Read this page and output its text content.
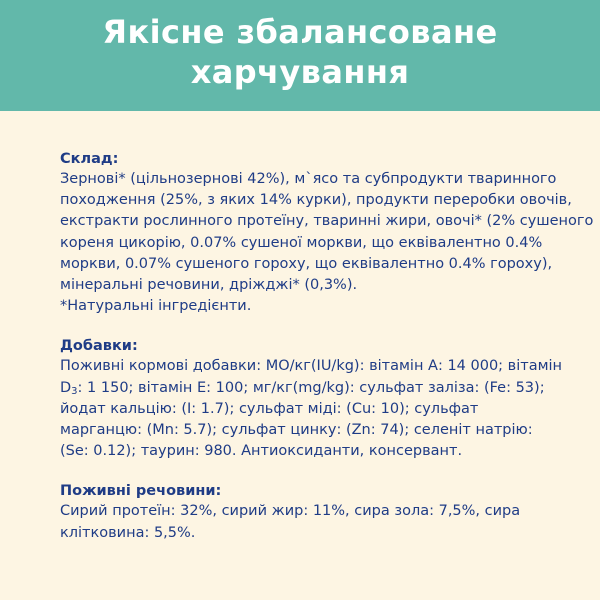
Якісне збалансоване
харчування
Склад:
Зернові* (цільнозернові 42%), м`ясо та субпродукти тваринного
походження (25%, з яких 14% курки), продукти переробки овочів,
екстракти рослинного протеїну, тваринні жири, овочі* (2% сушеного
кореня цикорію, 0.07% сушеної моркви, що еквівалентно 0.4%
моркви, 0.07% сушеного гороху, що еквівалентно 0.4% гороху),
мінеральні речовини, дріжджі* (0,3%).
*Натуральні інгредієнти.
Добавки:
Поживні кормові добавки: МО/кг(IU/kg): вітамін А: 14 000; вітамін
$D_3$: 1 150; вітамін Е: 100; мг/кг(mg/kg): сульфат заліза: (Fe: 53);
йодат кальцію: (I: 1.7); сульфат міді: (Cu: 10); сульфат
марганцю: (Mn: 5.7); сульфат цинку: (Zn: 74); селеніт натрію:
(Se: 0.12); таурин: 980. Антиоксиданти, консервант.
Поживні речовини:
Сирий протеїн: 32%, сирий жир: 11%, сира зола: 7,5%, сира
клітковина: 5,5%.
